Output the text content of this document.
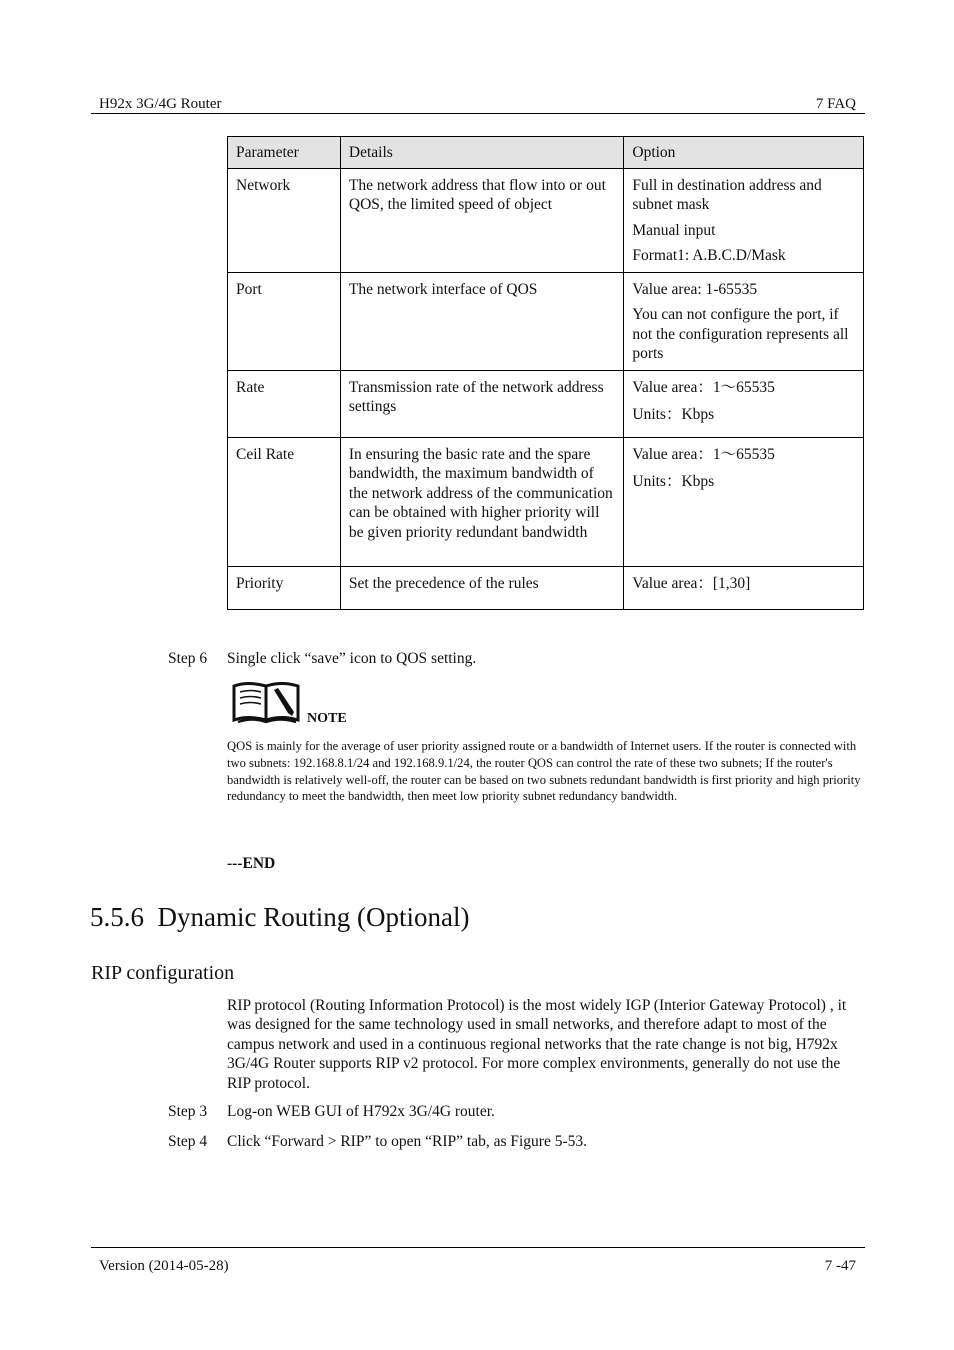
H92x 3G/4G Router	7 FAQ
Parameter	Details	Option
Network	The network address that flow into or out QOS, the limited speed of object	Full in destination address and subnet mask
Manual input
Format1: A.B.C.D/Mask

Port	The network interface of QOS	Value area: 1-65535
You can not configure the port, if not the configuration represents all ports

Rate	Transmission rate of the network address settings	Value area：1～65535
Units：Kbps

Ceil Rate	In ensuring the basic rate and the spare bandwidth, the maximum bandwidth of the network address of the communication can be obtained with higher priority will be given priority redundant bandwidth	Value area：1～65535
Units：Kbps

Priority	Set the precedence of the rules	Value area：[1,30]
Step 6 Single click “save” icon to QOS setting.
NOTE
QOS is mainly for the average of user priority assigned route or a bandwidth of Internet users. If the router is connected with two subnets: 192.168.8.1/24 and 192.168.9.1/24, the router QOS can control the rate of these two subnets; If the router's bandwidth is relatively well-off, the router can be based on two subnets redundant bandwidth is first priority and high priority redundancy to meet the bandwidth, then meet low priority subnet redundancy bandwidth.
---END
5.5.6  Dynamic Routing (Optional)
RIP configuration
RIP protocol (Routing Information Protocol) is the most widely IGP (Interior Gateway Protocol) , it was designed for the same technology used in small networks, and therefore adapt to most of the campus network and used in a continuous regional networks that the rate change is not big, H792x 3G/4G Router supports RIP v2 protocol. For more complex environments, generally do not use the RIP protocol.
Step 3 Log-on WEB GUI of H792x 3G/4G router.
Step 4 Click “Forward > RIP” to open “RIP” tab, as Figure 5-53.
Version (2014-05-28)	7 -47
